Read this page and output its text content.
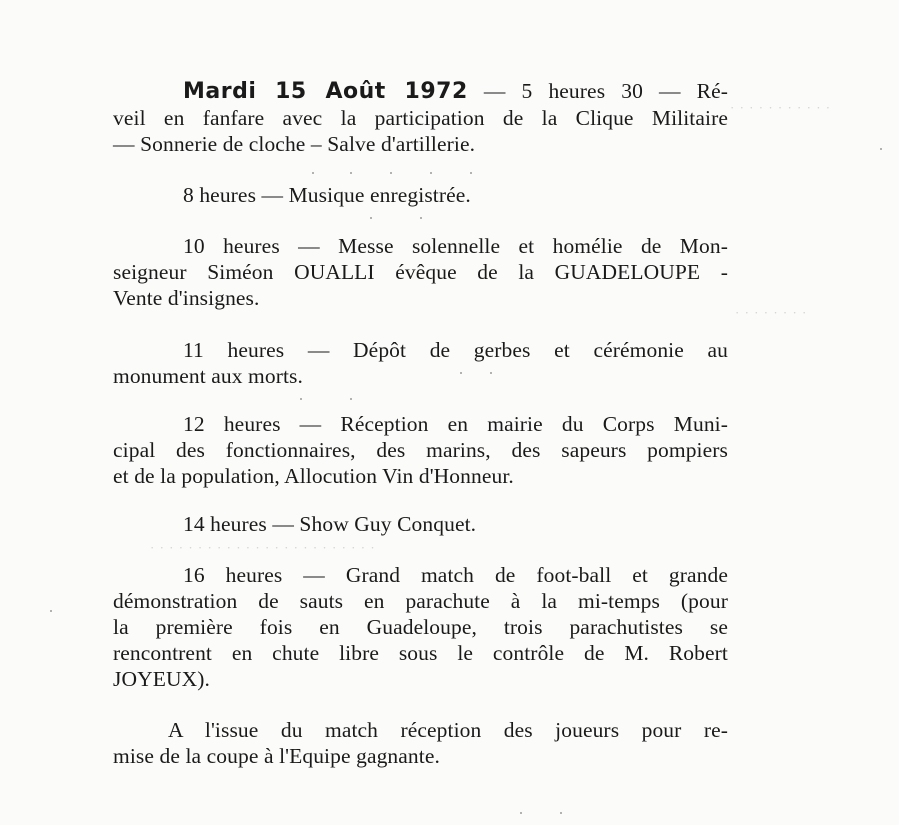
· · · · · · · · · · ·
· · · · · · · ·
· · · · · · · · · · · · · · · · · · · · · · · ·
Mardi 15 Août 1972 — 5 heures 30 — Ré-
veil en fanfare avec la participation de la Clique Militaire
— Sonnerie de cloche – Salve d'artillerie.
8 heures — Musique enregistrée.
10 heures — Messe solennelle et homélie de Mon-
seigneur Siméon OUALLI évêque de la GUADELOUPE -
Vente d'insignes.
11 heures — Dépôt de gerbes et cérémonie au
monument aux morts.
12 heures — Réception en mairie du Corps Muni-
cipal des fonctionnaires, des marins, des sapeurs pompiers
et de la population, Allocution Vin d'Honneur.
14 heures — Show Guy Conquet.
16 heures — Grand match de foot-ball et grande
démonstration de sauts en parachute à la mi-temps (pour
la première fois en Guadeloupe, trois parachutistes se
rencontrent en chute libre sous le contrôle de M. Robert
JOYEUX).
A l'issue du match réception des joueurs pour re-
mise de la coupe à l'Equipe gagnante.
